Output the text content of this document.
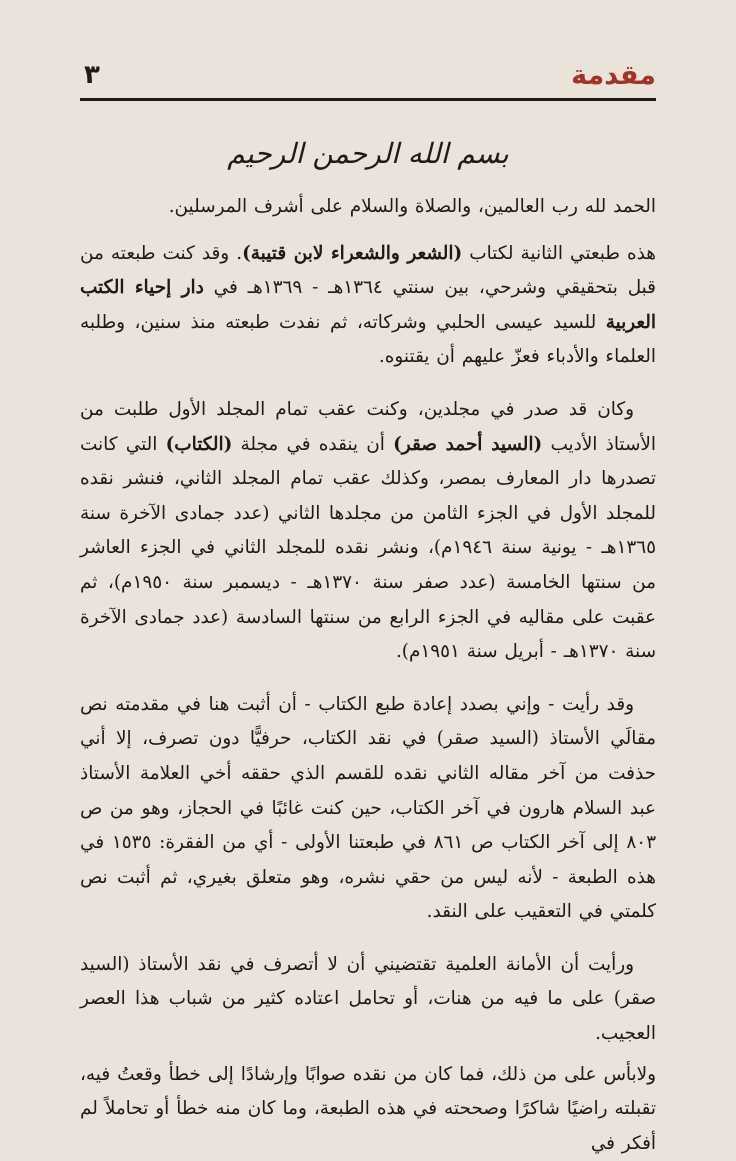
مقدمة
٣
بسم الله الرحمن الرحيم

الحمد لله رب العالمين، والصلاة والسلام على أشرف المرسلين.

هذه طبعتي الثانية لكتاب (الشعر والشعراء لابن قتيبة). وقد كنت طبعته من قبل بتحقيقي وشرحي، بين سنتي ١٣٦٤هـ - ١٣٦٩هـ في دار إحياء الكتب العربية للسيد عيسى الحلبي وشركاته، ثم نفدت طبعته منذ سنين، وطلبه العلماء والأدباء فعزّ عليهم أن يقتنوه.

وكان قد صدر في مجلدين، وكنت عقب تمام المجلد الأول طلبت من الأستاذ الأديب (السيد أحمد صقر) أن ينقده في مجلة (الكتاب) التي كانت تصدرها دار المعارف بمصر، وكذلك عقب تمام المجلد الثاني، فنشر نقده للمجلد الأول في الجزء الثامن من مجلدها الثاني (عدد جمادى الآخرة سنة ١٣٦٥هـ - يونية سنة ١٩٤٦م)، ونشر نقده للمجلد الثاني في الجزء العاشر من سنتها الخامسة (عدد صفر سنة ١٣٧٠هـ - ديسمبر سنة ١٩٥٠م)، ثم عقبت على مقاليه في الجزء الرابع من سنتها السادسة (عدد جمادى الآخرة سنة ١٣٧٠هـ - أبريل سنة ١٩٥١م).

وقد رأيت - وإني بصدد إعادة طبع الكتاب - أن أثبت هنا في مقدمته نص مقالَي الأستاذ (السيد صقر) في نقد الكتاب، حرفيًّا دون تصرف، إلا أني حذفت من آخر مقاله الثاني نقده للقسم الذي حققه أخي العلامة الأستاذ عبد السلام هارون في آخر الكتاب، حين كنت غائبًا في الحجاز، وهو من ص ٨٠٣ إلى آخر الكتاب ص ٨٦١ في طبعتنا الأولى - أي من الفقرة: ١٥٣٥ في هذه الطبعة - لأنه ليس من حقي نشره، وهو متعلق بغيري، ثم أثبت نص كلمتي في التعقيب على النقد.

ورأيت أن الأمانة العلمية تقتضيني أن لا أتصرف في نقد الأستاذ (السيد صقر) على ما فيه من هنات، أو تحامل اعتاده كثير من شباب هذا العصر العجيب.

ولابأس على من ذلك، فما كان من نقده صوابًا وإرشادًا إلى خطأ وقعتُ فيه، تقبلته راضيًا شاكرًا وصححته في هذه الطبعة، وما كان منه خطأ أو تحاملاً لم أفكر في
